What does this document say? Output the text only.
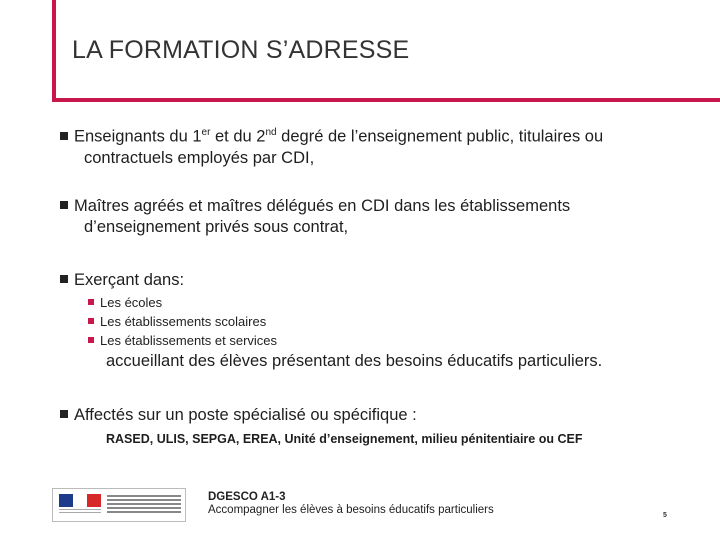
LA FORMATION S’ADRESSE
Enseignants du 1er et du 2nd degré de l’enseignement public, titulaires ou
contractuels employés par CDI,
Maîtres agréés et maîtres délégués en CDI dans les établissements
d’enseignement privés sous contrat,
Exerçant dans:
Les écoles
Les établissements scolaires
Les établissements et services
accueillant des élèves présentant des besoins éducatifs particuliers.
Affectés sur un poste spécialisé ou spécifique :
RASED, ULIS, SEPGA, EREA, Unité d’enseignement, milieu pénitentiaire ou CEF
DGESCO A1-3
Accompagner les élèves à besoins éducatifs particuliers	5
